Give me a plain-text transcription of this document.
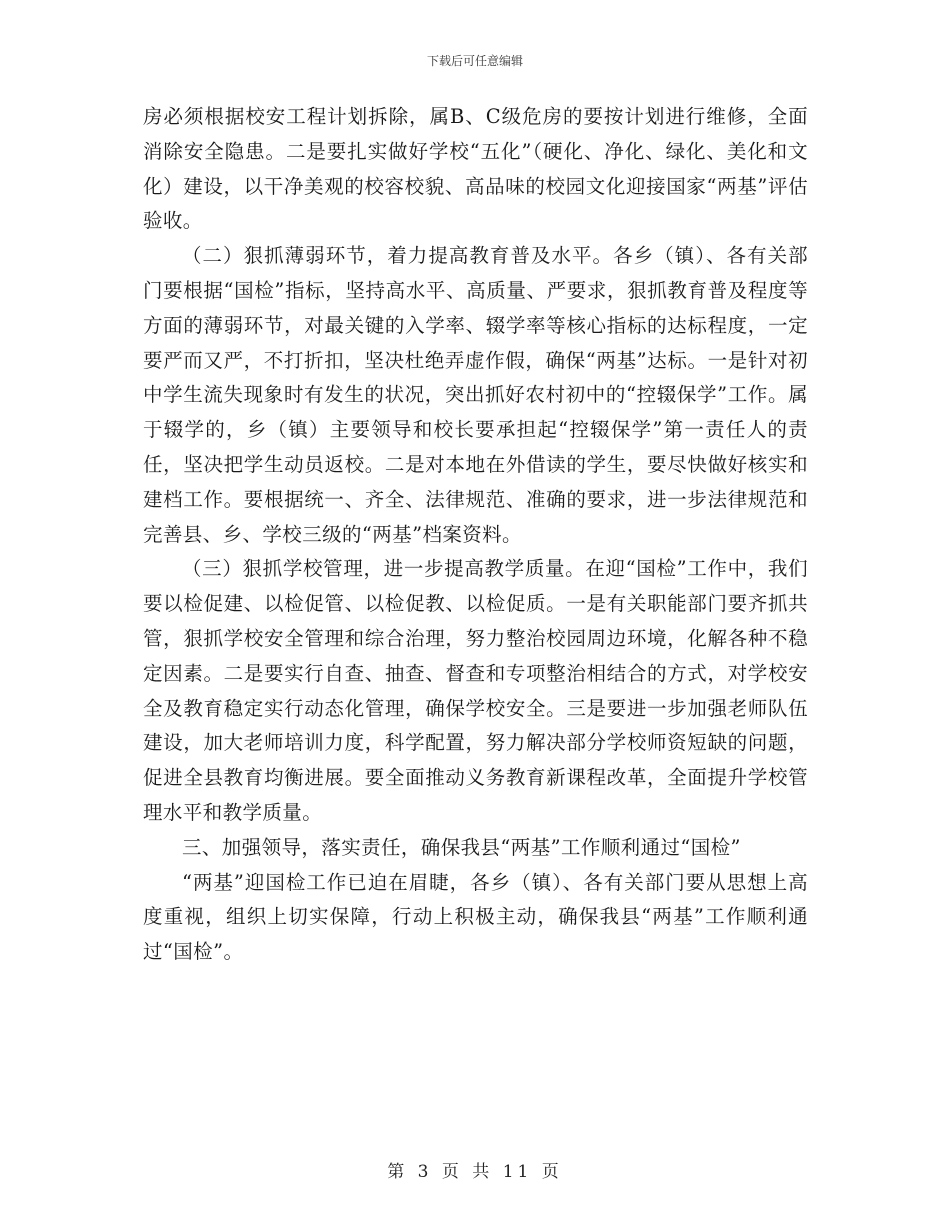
下载后可任意编辑

房必须根据校安工程计划拆除，属B、C级危房的要按计划进行维修，全面消除安全隐患。二是要扎实做好学校“五化”（硬化、净化、绿化、美化和文化）建设，以干净美观的校容校貌、高品味的校园文化迎接国家“两基”评估验收。

（二）狠抓薄弱环节，着力提高教育普及水平。各乡（镇）、各有关部门要根据“国检”指标，坚持高水平、高质量、严要求，狠抓教育普及程度等方面的薄弱环节，对最关键的入学率、辍学率等核心指标的达标程度，一定要严而又严，不打折扣，坚决杜绝弄虚作假，确保“两基”达标。一是针对初中学生流失现象时有发生的状况，突出抓好农村初中的“控辍保学”工作。属于辍学的，乡（镇）主要领导和校长要承担起“控辍保学”第一责任人的责任，坚决把学生动员返校。二是对本地在外借读的学生，要尽快做好核实和建档工作。要根据统一、齐全、法律规范、准确的要求，进一步法律规范和完善县、乡、学校三级的“两基”档案资料。

（三）狠抓学校管理，进一步提高教学质量。在迎“国检”工作中，我们要以检促建、以检促管、以检促教、以检促质。一是有关职能部门要齐抓共管，狠抓学校安全管理和综合治理，努力整治校园周边环境，化解各种不稳定因素。二是要实行自查、抽查、督查和专项整治相结合的方式，对学校安全及教育稳定实行动态化管理，确保学校安全。三是要进一步加强老师队伍建设，加大老师培训力度，科学配置，努力解决部分学校师资短缺的问题，促进全县教育均衡进展。要全面推动义务教育新课程改革，全面提升学校管理水平和教学质量。

三、加强领导，落实责任，确保我县“两基”工作顺利通过“国检”

“两基”迎国检工作已迫在眉睫，各乡（镇）、各有关部门要从思想上高度重视，组织上切实保障，行动上积极主动，确保我县“两基”工作顺利通过“国检”。

第 3 页 共 11 页
